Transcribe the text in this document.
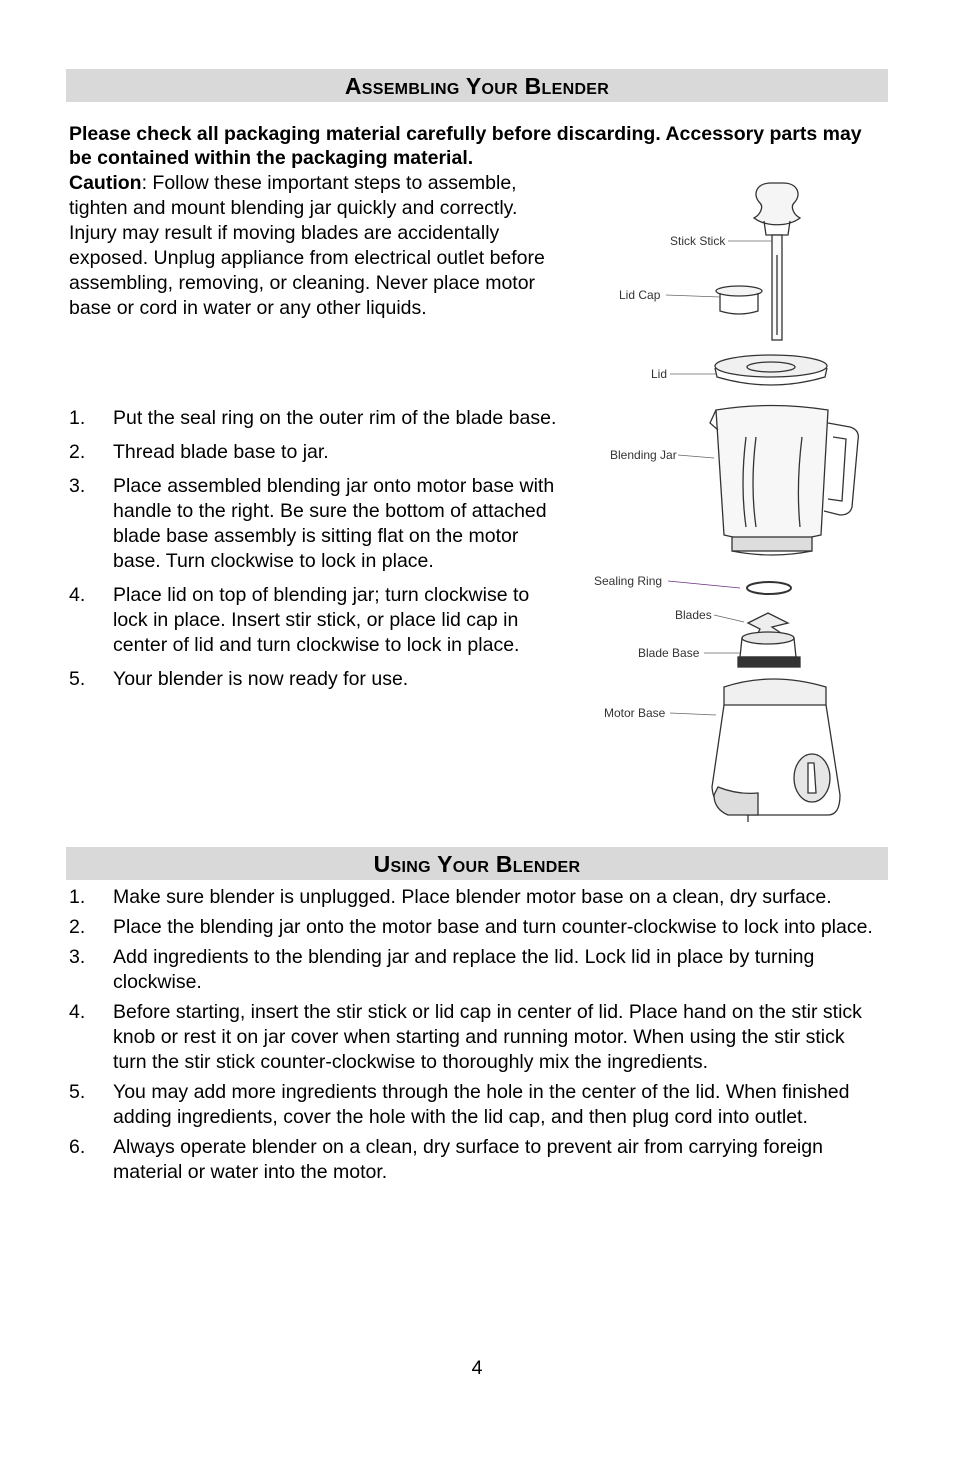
Assembling Your Blender
Please check all packaging material carefully before discarding. Accessory parts may be contained within the packaging material.
Caution: Follow these important steps to assemble, tighten and mount blending jar quickly and correctly. Injury may result if moving blades are accidentally exposed. Unplug appliance from electrical outlet before assembling, removing, or cleaning. Never place motor base or cord in water or any other liquids.
1. Put the seal ring on the outer rim of the blade base.
2. Thread blade base to jar.
3. Place assembled blending jar onto motor base with handle to the right. Be sure the bottom of attached blade base assembly is sitting flat on the motor base. Turn clockwise to lock in place.
4. Place lid on top of blending jar; turn clockwise to lock in place. Insert stir stick, or place lid cap in center of lid and turn clockwise to lock in place.
5. Your blender is now ready for use.
Stick Stick
Lid Cap
Lid
Blending Jar
Sealing Ring
Blades
Blade Base
Motor Base
Using Your Blender
1. Make sure blender is unplugged. Place blender motor base on a clean, dry surface.
2. Place the blending jar onto the motor base and turn counter-clockwise to lock into place.
3. Add ingredients to the blending jar and replace the lid. Lock lid in place by turning clockwise.
4. Before starting, insert the stir stick or lid cap in center of lid. Place hand on the stir stick knob or rest it on jar cover when starting and running motor. When using the stir stick turn the stir stick counter-clockwise to thoroughly mix the ingredients.
5. You may add more ingredients through the hole in the center of the lid. When finished adding ingredients, cover the hole with the lid cap, and then plug cord into outlet.
6. Always operate blender on a clean, dry surface to prevent air from carrying foreign material or water into the motor.
4
